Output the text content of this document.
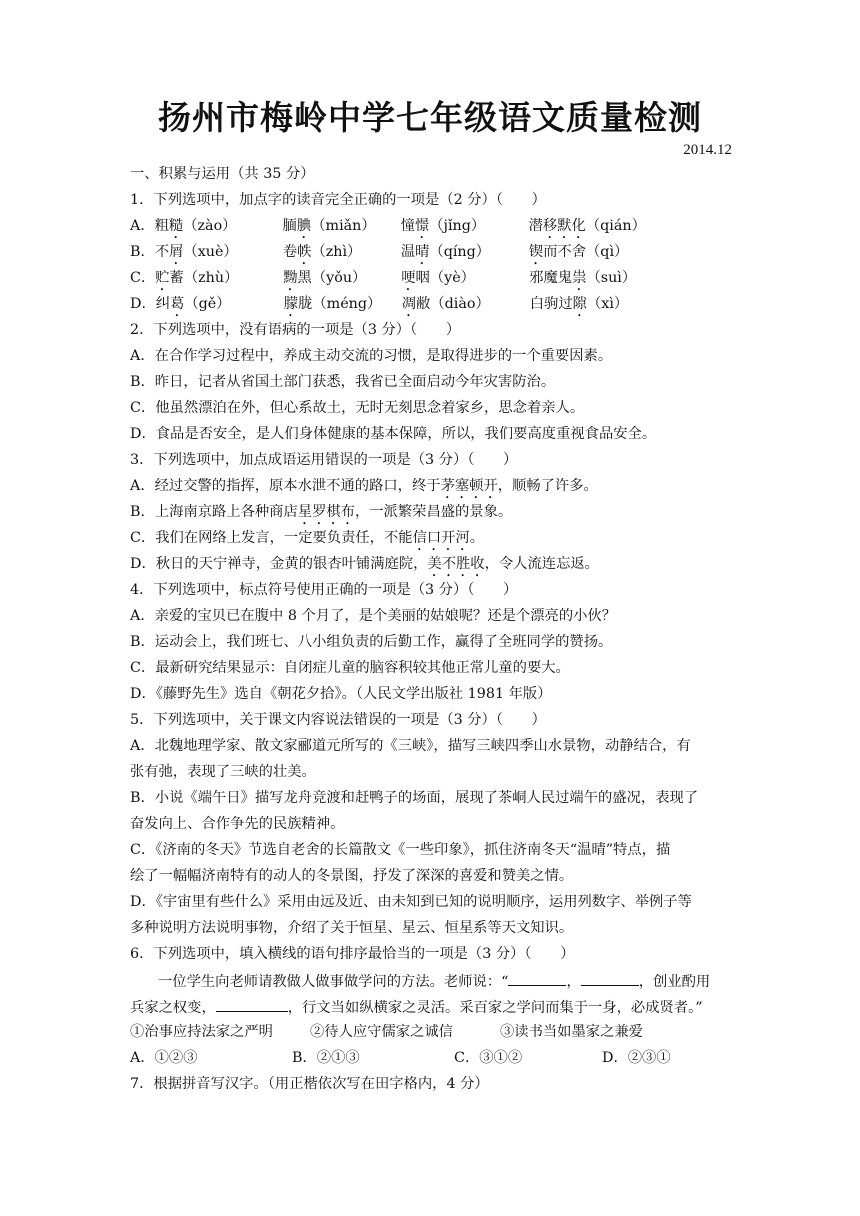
扬州市梅岭中学七年级语文质量检测
2014.12
一、积累与运用（共 35 分）
1．下列选项中，加点字的读音完全正确的一项是（2 分）（　　）
A．粗糙（zào）	腼腆（miǎn） 憧憬（jǐng）	潜移默化（qián）
B．不屑（xuè）	卷帙（zhì）	温晴（qíng）	锲而不舍（qì）
C．贮蓄（zhù）	黝黑（yǒu） 哽咽（yè）	邪魔鬼祟（suì）
D．纠葛（gě）	朦胧（méng） 凋敝（diào）	白驹过隙（xì）
2．下列选项中，没有语病的一项是（3 分）（　　）
A．在合作学习过程中，养成主动交流的习惯，是取得进步的一个重要因素。
B．昨日，记者从省国土部门获悉，我省已全面启动今年灾害防治。
C．他虽然漂泊在外，但心系故土，无时无刻思念着家乡，思念着亲人。
D．食品是否安全，是人们身体健康的基本保障，所以，我们要高度重视食品安全。
3．下列选项中，加点成语运用错误的一项是（3 分）（　　）
A．经过交警的指挥，原本水泄不通的路口，终于茅塞顿开，顺畅了许多。
B．上海南京路上各种商店星罗棋布，一派繁荣昌盛的景象。
C．我们在网络上发言，一定要负责任，不能信口开河。
D．秋日的天宁禅寺，金黄的银杏叶铺满庭院，美不胜收，令人流连忘返。
4．下列选项中，标点符号使用正确的一项是（3 分）（　　）
A．亲爱的宝贝已在腹中 8 个月了，是个美丽的姑娘呢？还是个漂亮的小伙？
B．运动会上，我们班七、八小组负责的后勤工作，赢得了全班同学的赞扬。
C．最新研究结果显示：自闭症儿童的脑容积较其他正常儿童的要大。
D．《藤野先生》选自《朝花夕拾》。（人民文学出版社 1981 年版）
5．下列选项中，关于课文内容说法错误的一项是（3 分）（　　）
A．北魏地理学家、散文家郦道元所写的《三峡》，描写三峡四季山水景物，动静结合，有
张有弛，表现了三峡的壮美。
B．小说《端午日》描写龙舟竞渡和赶鸭子的场面，展现了茶峒人民过端午的盛况，表现了
奋发向上、合作争先的民族精神。
C．《济南的冬天》节选自老舍的长篇散文《一些印象》，抓住济南冬天“温晴”特点，描
绘了一幅幅济南特有的动人的冬景图，抒发了深深的喜爱和赞美之情。
D．《宇宙里有些什么》采用由远及近、由未知到已知的说明顺序，运用列数字、举例子等
多种说明方法说明事物，介绍了关于恒星、星云、恒星系等天文知识。
6．下列选项中，填入横线的语句排序最恰当的一项是（3 分）（　　）
一位学生向老师请教做人做事做学问的方法。老师说：“	，	，创业酌用
兵家之权变，	，行文当如纵横家之灵活。采百家之学问而集于一身，必成贤者。”
①治事应持法家之严明	②待人应守儒家之诚信	③读书当如墨家之兼爱
A．①②③	B．②①③	C．③①②	D．②③①
7．根据拼音写汉字。（用正楷依次写在田字格内，4 分）
